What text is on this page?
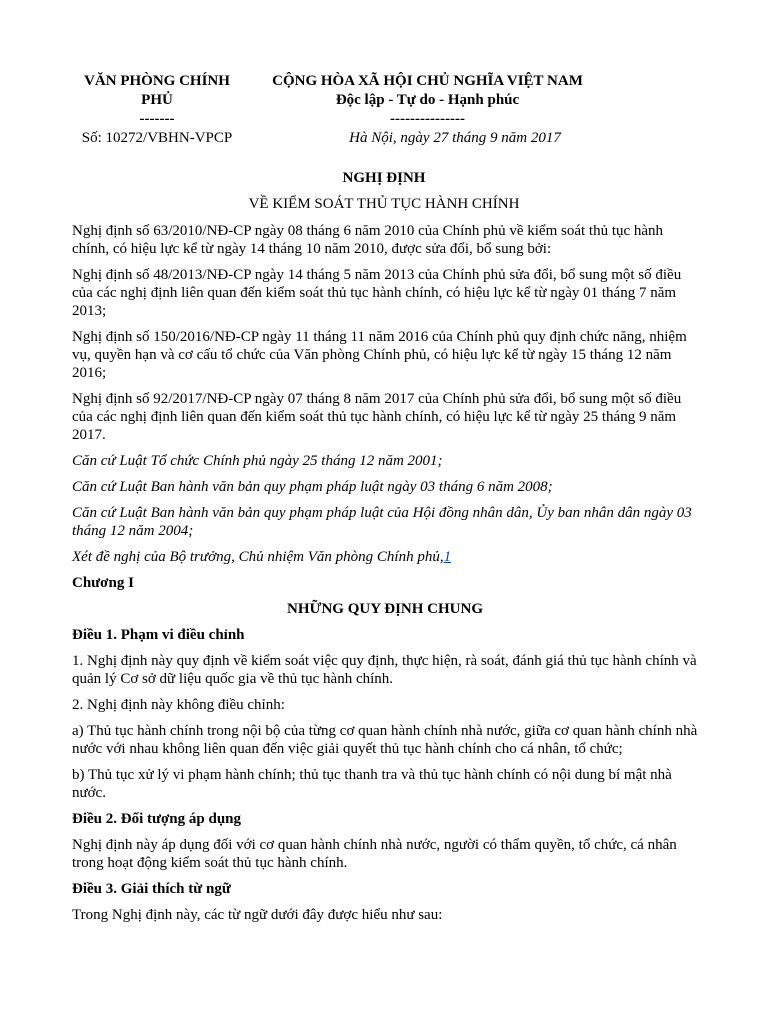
VĂN PHÒNG CHÍNH
PHỦ
-------
Số: 10272/VBHN-VPCP
CỘNG HÒA XÃ HỘI CHỦ NGHĨA VIỆT NAM
Độc lập - Tự do - Hạnh phúc
---------------
Hà Nội, ngày 27 tháng 9 năm 2017
NGHỊ ĐỊNH
VỀ KIỂM SOÁT THỦ TỤC HÀNH CHÍNH

Nghị định số 63/2010/NĐ-CP ngày 08 tháng 6 năm 2010 của Chính phủ về kiểm soát thủ tục hành chính, có hiệu lực kể từ ngày 14 tháng 10 năm 2010, được sửa đổi, bổ sung bởi:

Nghị định số 48/2013/NĐ-CP ngày 14 tháng 5 năm 2013 của Chính phủ sửa đổi, bổ sung một số điều của các nghị định liên quan đến kiểm soát thủ tục hành chính, có hiệu lực kể từ ngày 01 tháng 7 năm 2013;

Nghị định số 150/2016/NĐ-CP ngày 11 tháng 11 năm 2016 của Chính phủ quy định chức năng, nhiệm vụ, quyền hạn và cơ cấu tổ chức của Văn phòng Chính phủ, có hiệu lực kể từ ngày 15 tháng 12 năm 2016;

Nghị định số 92/2017/NĐ-CP ngày 07 tháng 8 năm 2017 của Chính phủ sửa đổi, bổ sung một số điều của các nghị định liên quan đến kiểm soát thủ tục hành chính, có hiệu lực kể từ ngày 25 tháng 9 năm 2017.

Căn cứ Luật Tổ chức Chính phủ ngày 25 tháng 12 năm 2001;

Căn cứ Luật Ban hành văn bản quy phạm pháp luật ngày 03 tháng 6 năm 2008;

Căn cứ Luật Ban hành văn bản quy phạm pháp luật của Hội đồng nhân dân, Ủy ban nhân dân ngày 03 tháng 12 năm 2004;

Xét đề nghị của Bộ trưởng, Chủ nhiệm Văn phòng Chính phủ,1

Chương I

NHỮNG QUY ĐỊNH CHUNG

Điều 1. Phạm vi điều chỉnh

1. Nghị định này quy định về kiểm soát việc quy định, thực hiện, rà soát, đánh giá thủ tục hành chính và quản lý Cơ sở dữ liệu quốc gia về thủ tục hành chính.

2. Nghị định này không điều chỉnh:

a) Thủ tục hành chính trong nội bộ của từng cơ quan hành chính nhà nước, giữa cơ quan hành chính nhà nước với nhau không liên quan đến việc giải quyết thủ tục hành chính cho cá nhân, tổ chức;

b) Thủ tục xử lý vi phạm hành chính; thủ tục thanh tra và thủ tục hành chính có nội dung bí mật nhà nước.

Điều 2. Đối tượng áp dụng

Nghị định này áp dụng đối với cơ quan hành chính nhà nước, người có thẩm quyền, tổ chức, cá nhân trong hoạt động kiểm soát thủ tục hành chính.

Điều 3. Giải thích từ ngữ

Trong Nghị định này, các từ ngữ dưới đây được hiểu như sau:
